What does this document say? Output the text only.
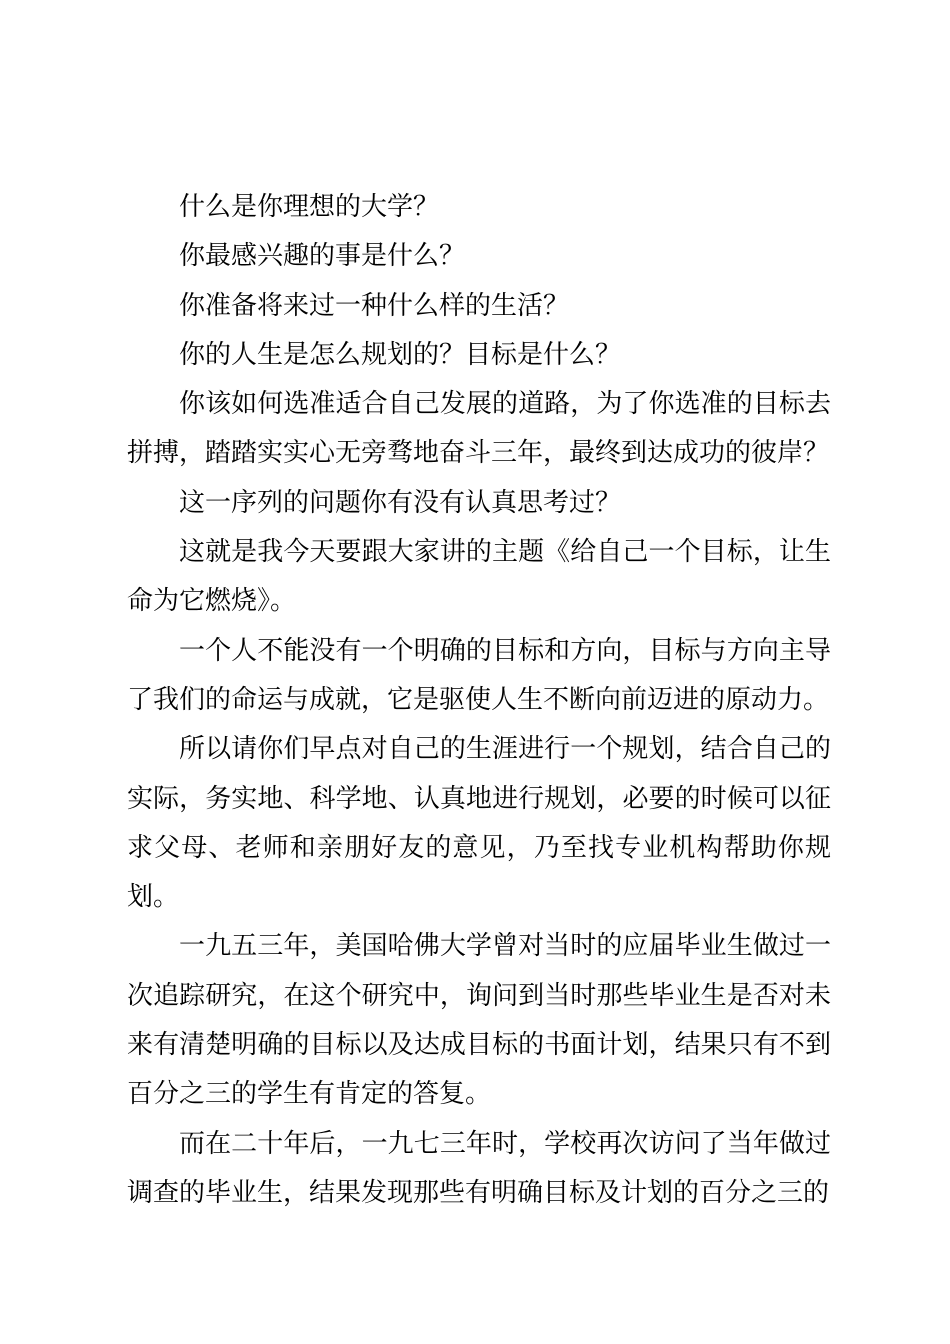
什么是你理想的大学？

你最感兴趣的事是什么？

你准备将来过一种什么样的生活？

你的人生是怎么规划的？目标是什么？

你该如何选准适合自己发展的道路，为了你选准的目标去拼搏，踏踏实实心无旁骛地奋斗三年，最终到达成功的彼岸？

这一序列的问题你有没有认真思考过？

这就是我今天要跟大家讲的主题《给自己一个目标，让生命为它燃烧》。

一个人不能没有一个明确的目标和方向，目标与方向主导了我们的命运与成就，它是驱使人生不断向前迈进的原动力。

所以请你们早点对自己的生涯进行一个规划，结合自己的实际，务实地、科学地、认真地进行规划，必要的时候可以征求父母、老师和亲朋好友的意见，乃至找专业机构帮助你规划。

一九五三年，美国哈佛大学曾对当时的应届毕业生做过一次追踪研究，在这个研究中，询问到当时那些毕业生是否对未来有清楚明确的目标以及达成目标的书面计划，结果只有不到百分之三的学生有肯定的答复。

而在二十年后，一九七三年时，学校再次访问了当年做过调查的毕业生，结果发现那些有明确目标及计划的百分之三的
